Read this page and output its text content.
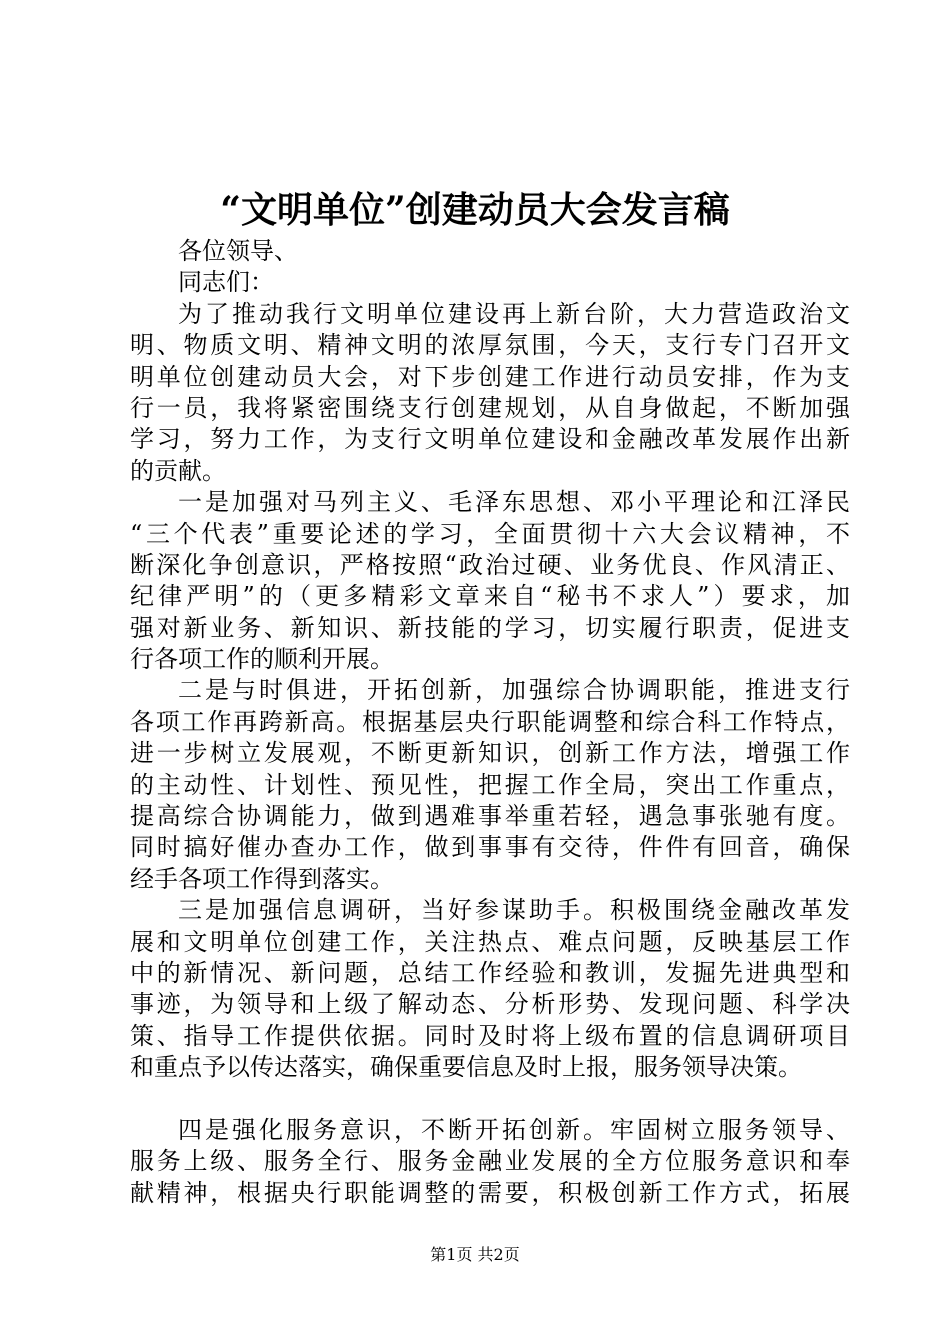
“文明单位”创建动员大会发言稿
各位领导、
同志们：
为了推动我行文明单位建设再上新台阶，大力营造政治文
明、物质文明、精神文明的浓厚氛围，今天，支行专门召开文
明单位创建动员大会，对下步创建工作进行动员安排，作为支
行一员，我将紧密围绕支行创建规划，从自身做起，不断加强
学习，努力工作，为支行文明单位建设和金融改革发展作出新
的贡献。
一是加强对马列主义、毛泽东思想、邓小平理论和江泽民
“三个代表”重要论述的学习，全面贯彻十六大会议精神，不
断深化争创意识，严格按照“政治过硬、业务优良、作风清正、
纪律严明”的（更多精彩文章来自“秘书不求人”）要求，加
强对新业务、新知识、新技能的学习，切实履行职责，促进支
行各项工作的顺利开展。
二是与时俱进，开拓创新，加强综合协调职能，推进支行
各项工作再跨新高。根据基层央行职能调整和综合科工作特点，
进一步树立发展观，不断更新知识，创新工作方法，增强工作
的主动性、计划性、预见性，把握工作全局，突出工作重点，
提高综合协调能力，做到遇难事举重若轻，遇急事张驰有度。
同时搞好催办查办工作，做到事事有交待，件件有回音，确保
经手各项工作得到落实。
三是加强信息调研，当好参谋助手。积极围绕金融改革发
展和文明单位创建工作，关注热点、难点问题，反映基层工作
中的新情况、新问题，总结工作经验和教训，发掘先进典型和
事迹，为领导和上级了解动态、分析形势、发现问题、科学决
策、指导工作提供依据。同时及时将上级布置的信息调研项目
和重点予以传达落实，确保重要信息及时上报，服务领导决策。
四是强化服务意识，不断开拓创新。牢固树立服务领导、
服务上级、服务全行、服务金融业发展的全方位服务意识和奉
献精神，根据央行职能调整的需要，积极创新工作方式，拓展
第1页 共2页
